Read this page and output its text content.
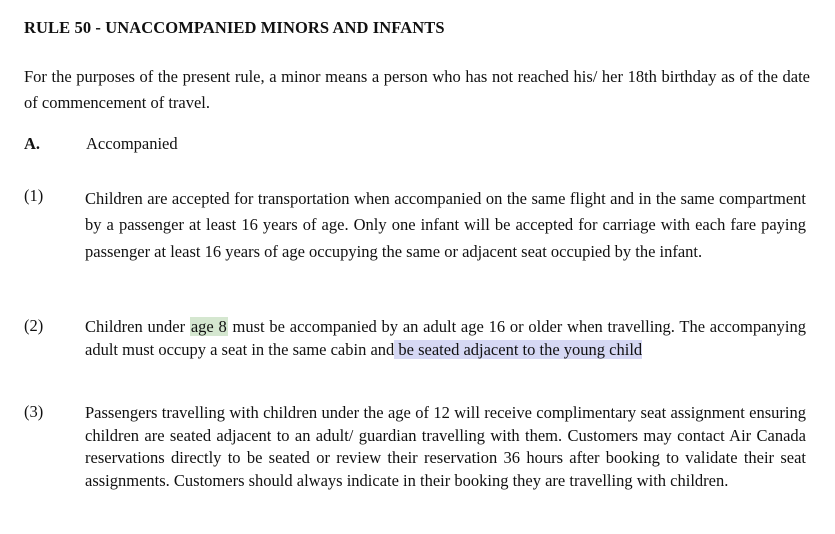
RULE 50 - UNACCOMPANIED MINORS AND INFANTS
For the purposes of the present rule, a minor means a person who has not reached his/ her 18th birthday as of the date of commencement of travel.
A.	Accompanied
(1)	Children are accepted for transportation when accompanied on the same flight and in the same compartment by a passenger at least 16 years of age. Only one infant will be accepted for carriage with each fare paying passenger at least 16 years of age occupying the same or adjacent seat occupied by the infant.
(2)	Children under age 8 must be accompanied by an adult age 16 or older when travelling. The accompanying adult must occupy a seat in the same cabin and be seated adjacent to the young child
(3)	Passengers travelling with children under the age of 12 will receive complimentary seat assignment ensuring children are seated adjacent to an adult/ guardian travelling with them. Customers may contact Air Canada reservations directly to be seated or review their reservation 36 hours after booking to validate their seat assignments. Customers should always indicate in their booking they are travelling with children.
